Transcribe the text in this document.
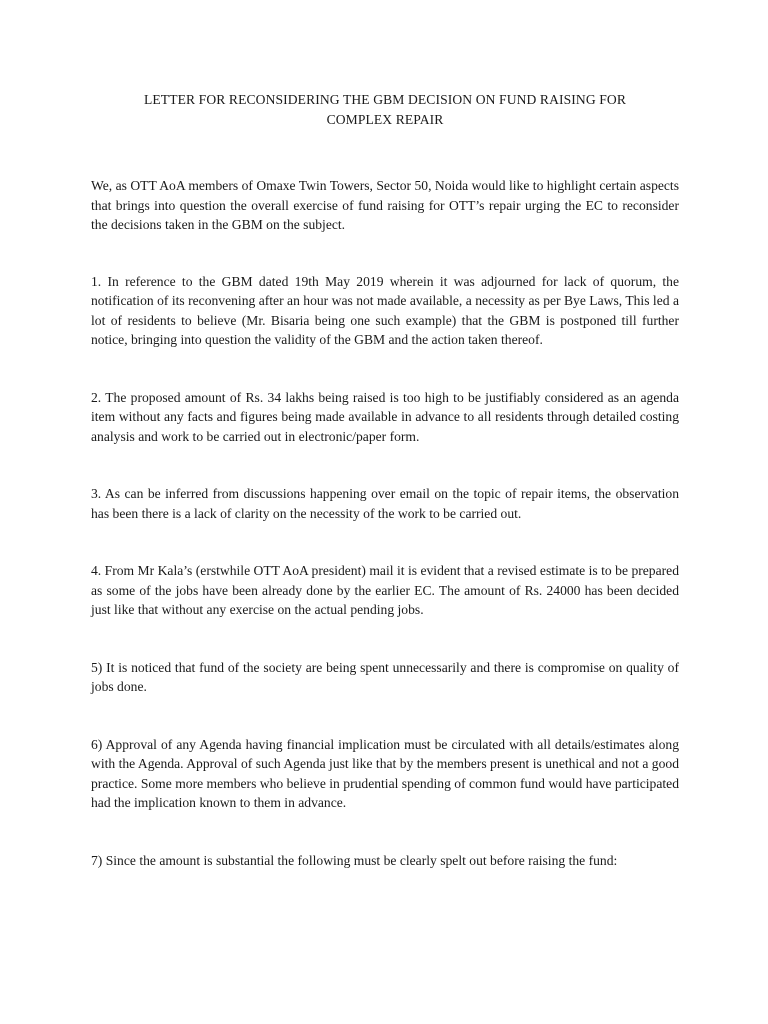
LETTER FOR RECONSIDERING THE GBM DECISION ON FUND RAISING FOR
COMPLEX REPAIR

We, as OTT AoA members of Omaxe Twin Towers, Sector 50, Noida would like to highlight certain aspects that brings into question the overall exercise of fund raising for OTT’s repair urging the EC to reconsider the decisions taken in the GBM on the subject.

1. In reference to the GBM dated 19th May 2019 wherein it was adjourned for lack of quorum, the notification of its reconvening after an hour was not made available, a necessity as per Bye Laws, This led a lot of residents to believe (Mr. Bisaria being one such example) that the GBM is postponed till further notice, bringing into question the validity of the GBM and the action taken thereof.

2. The proposed amount of Rs. 34 lakhs being raised is too high to be justifiably considered as an agenda item without any facts and figures being made available in advance to all residents through detailed costing analysis and work to be carried out in electronic/paper form.

3. As can be inferred from discussions happening over email on the topic of repair items, the observation has been there is a lack of clarity on the necessity of the work to be carried out.

4. From Mr Kala’s (erstwhile OTT AoA president) mail it is evident that a revised estimate is to be prepared as some of the jobs have been already done by the earlier EC. The amount of Rs. 24000 has been decided just like that without any exercise on the actual pending jobs.

5) It is noticed that fund of the society are being spent unnecessarily and there is compromise on quality of jobs done.

6) Approval of any Agenda having financial implication must be circulated with all details/estimates along with the Agenda. Approval of such Agenda just like that by the members present is unethical and not a good practice. Some more members who believe in prudential spending of common fund would have participated had the implication known to them in advance.

7) Since the amount is substantial the following must be clearly spelt out before raising the fund:
